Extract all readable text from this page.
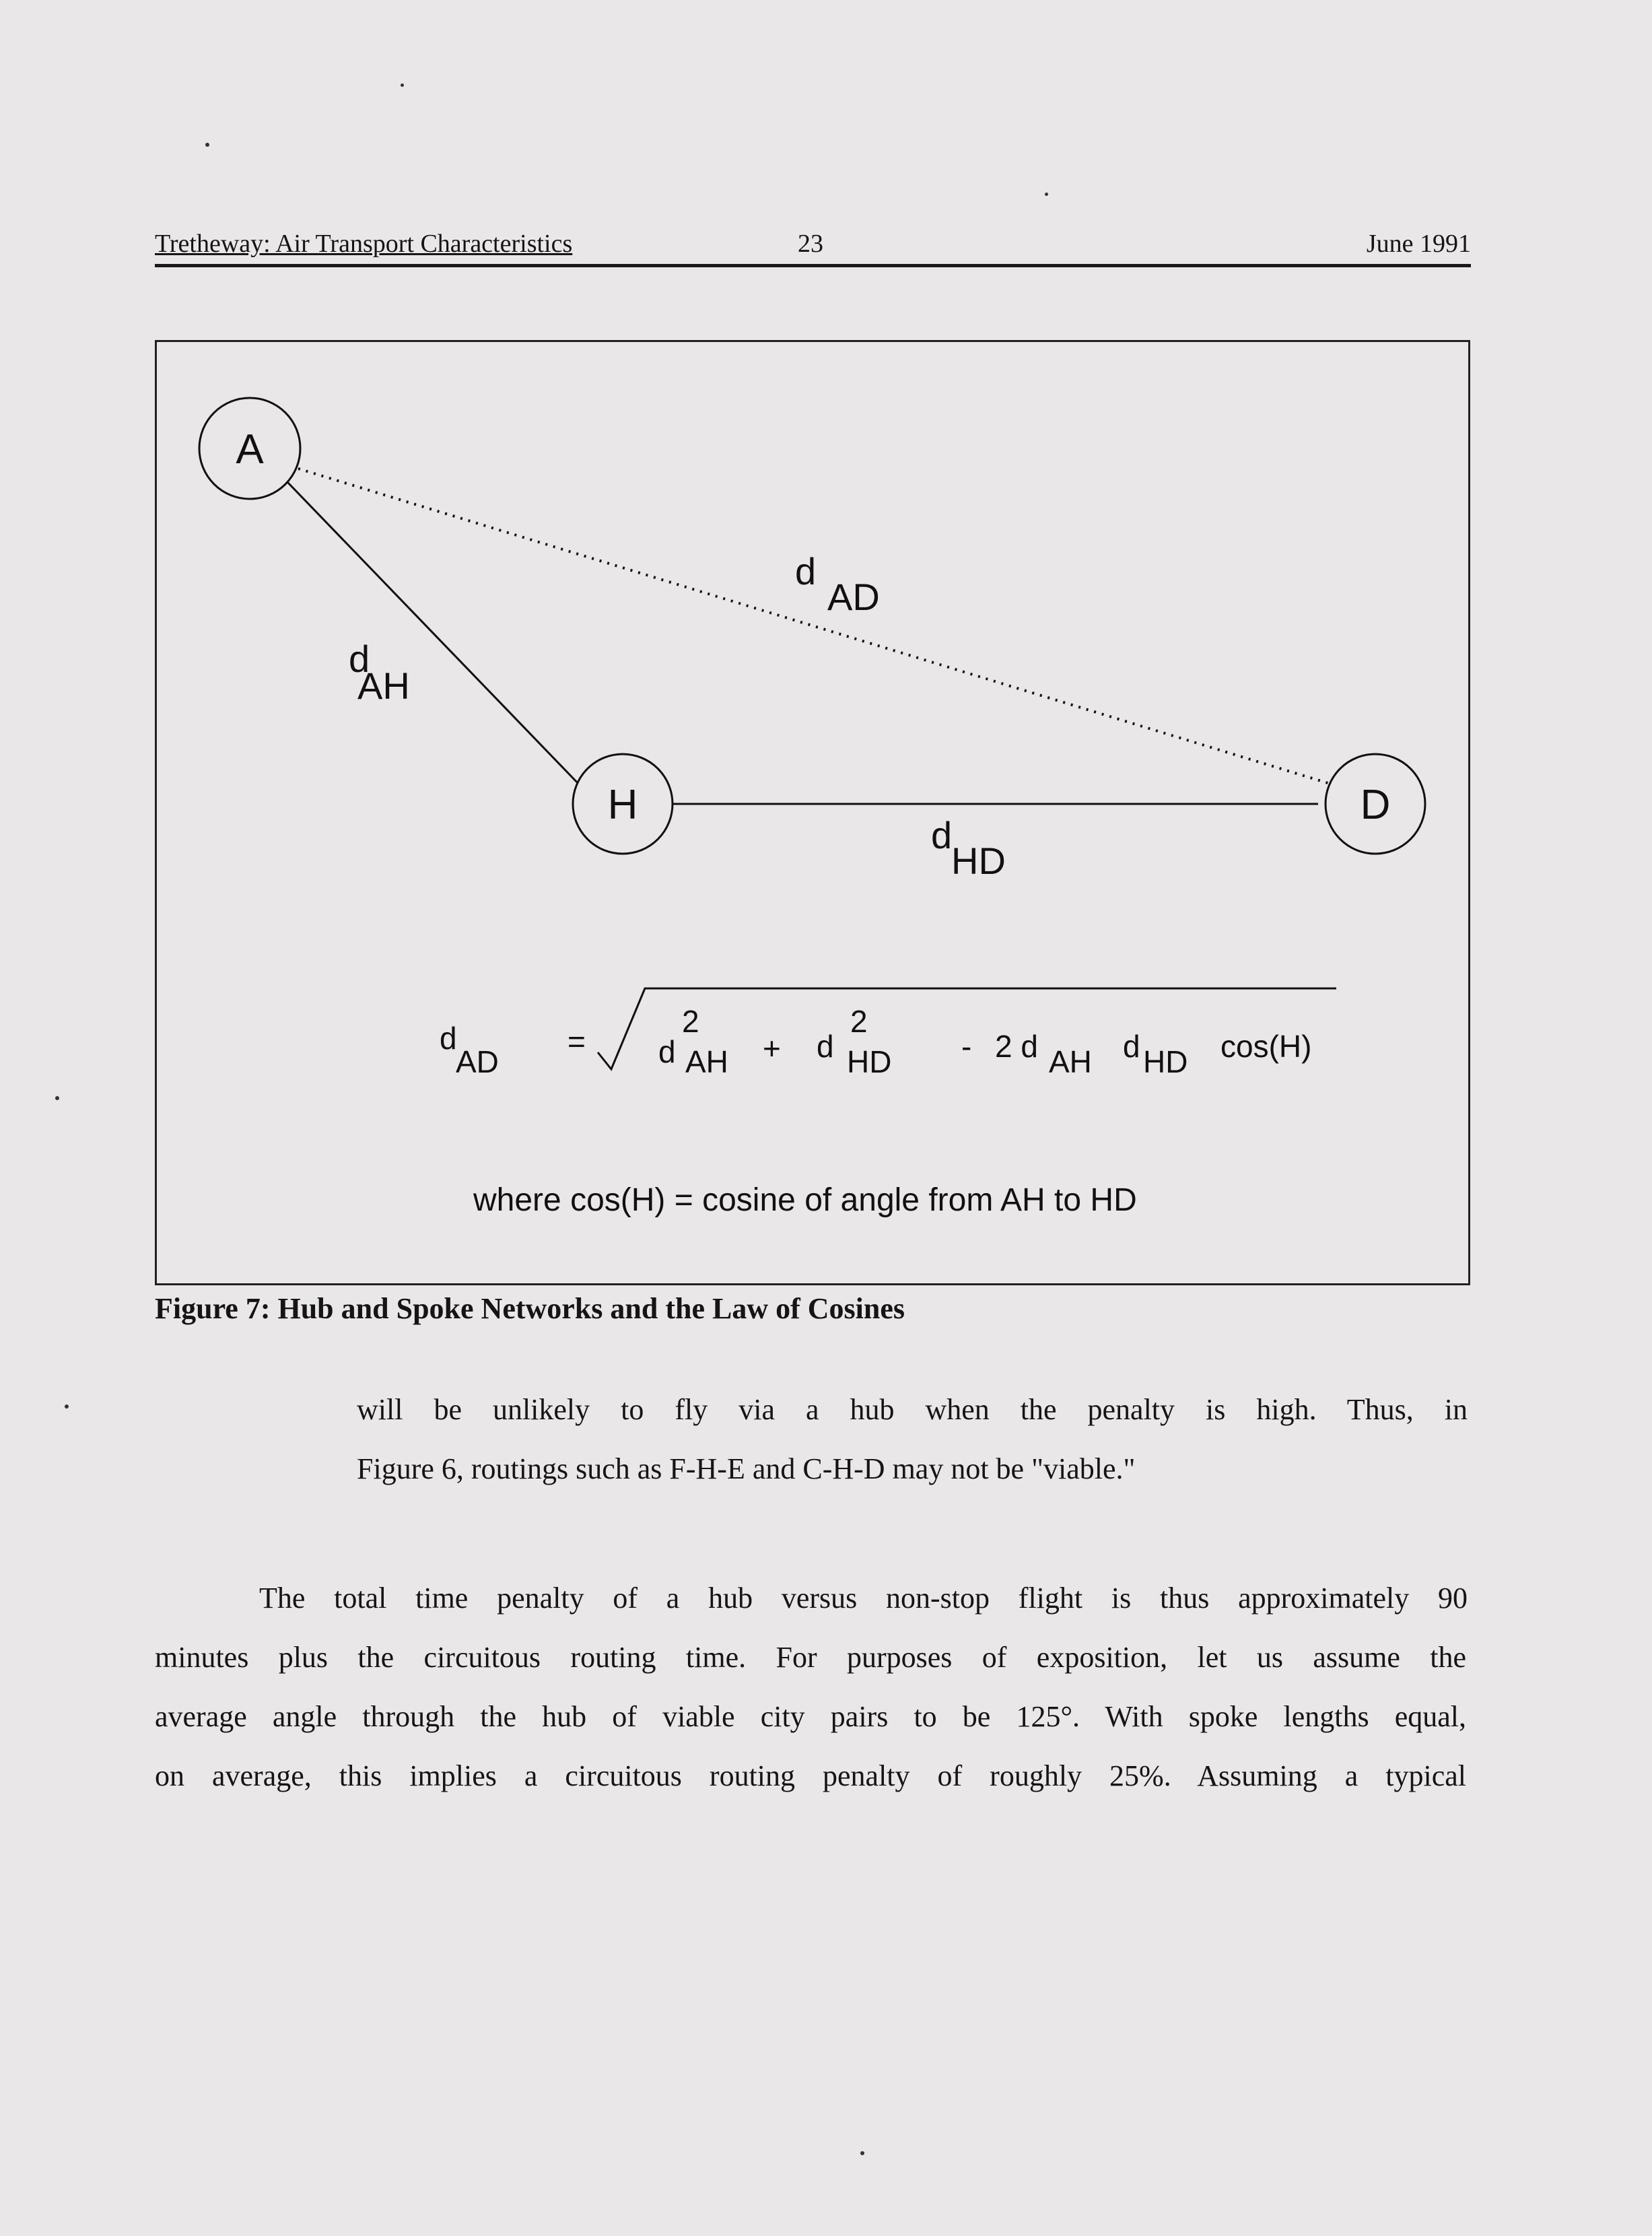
Tretheway: Air Transport Characteristics	23	June 1991
A
H	D
d
AD
d
AH
d
HD
d
AD
= d
2
AH + d
2
HD - 2 d AH d HD cos(H)
where cos(H) = cosine of angle from AH to HD
Figure 7: Hub and Spoke Networks and the Law of Cosines
will be unlikely to fly via a hub when the penalty is high. Thus, in
Figure 6, routings such as F-H-E and C-H-D may not be "viable."
The total time penalty of a hub versus non-stop flight is thus approximately 90
minutes plus the circuitous routing time. For purposes of exposition, let us assume the
average angle through the hub of viable city pairs to be 125°. With spoke lengths equal,
on average, this implies a circuitous routing penalty of roughly 25%. Assuming a typical
